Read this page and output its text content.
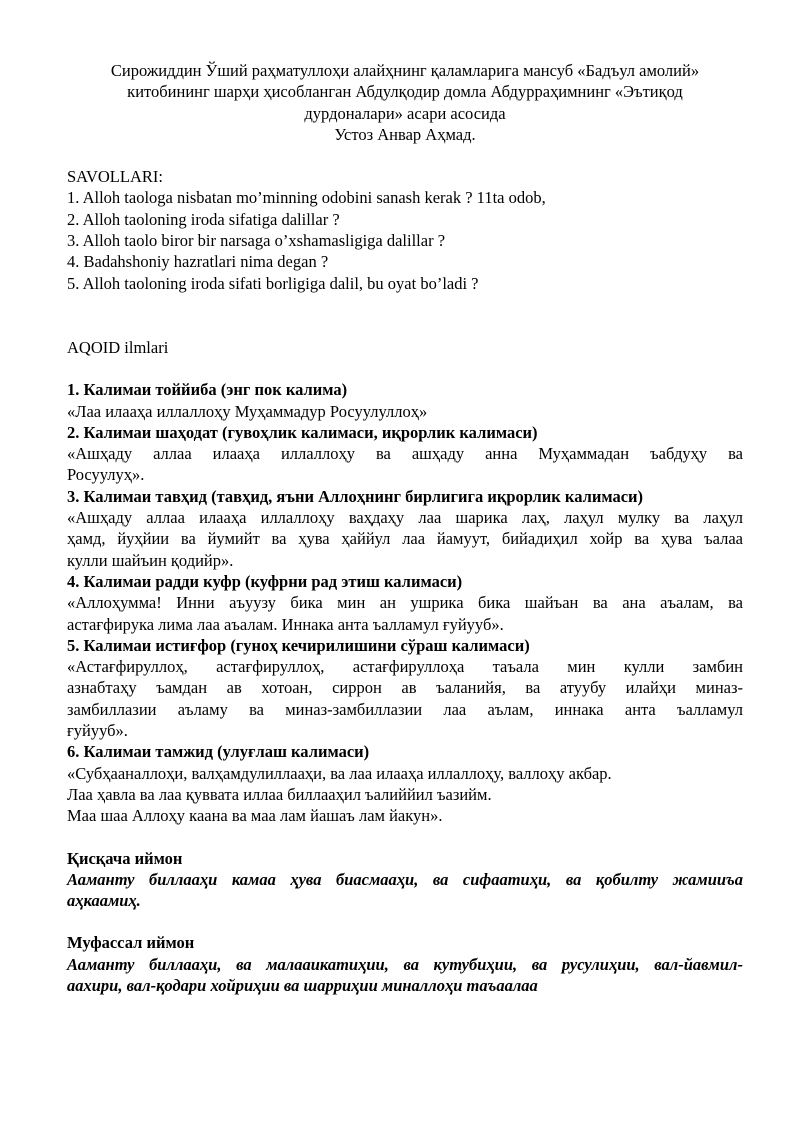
Сирожиддин Ўший раҳматуллоҳи алайҳнинг қаламларига мансуб «Бадъул амолий»
китобининг шарҳи ҳисобланган Абдулқодир домла Абдурраҳимнинг «Эътиқод
дурдоналари» асари асосида
Устоз Анвар Аҳмад.
SAVOLLARI:
1. Alloh taologa nisbatan mo’minning odobini sanash kerak ? 11ta odob,
2. Alloh taoloning iroda sifatiga dalillar ?
3. Alloh taolo biror bir narsaga o’xshamasligiga dalillar ?
4. Badahshoniy hazratlari nima degan ?
5. Alloh taoloning iroda sifati borligiga dalil, bu oyat bo’ladi ?
AQOID ilmlari
1. Калимаи тоййиба (энг пок калима)
«Лаа илааҳа иллаллоҳу Муҳаммадур Росуулуллоҳ»
2. Калимаи шаҳодат (гувоҳлик калимаси, иқрорлик калимаси)
«Ашҳаду аллаа илааҳа иллаллоҳу ва ашҳаду анна Муҳаммадан ъабдуҳу ва
Росуулуҳ».
3. Калимаи тавҳид (тавҳид, яъни Аллоҳнинг бирлигига иқрорлик калимаси)
«Ашҳаду аллаа илааҳа иллаллоҳу ваҳдаҳу лаа шарика лаҳ, лаҳул мулку ва лаҳул
ҳамд, йуҳйии ва йумийт ва ҳува ҳаййул лаа йамуут, бийадиҳил хойр ва ҳува ъалаа
кулли шайъин қодийр».
4. Калимаи радди куфр (куфрни рад этиш калимаси)
«Аллоҳумма! Инни аъуузу бика мин ан ушрика бика шайъан ва ана аъалам, ва
астағфирука лима лаа аъалам. Иннака анта ъалламул ғуйууб».
5. Калимаи истиғфор (гуноҳ кечирилишини сўраш калимаси)
«Астағфируллоҳ, астағфируллоҳ, астағфируллоҳа таъала мин кулли замбин
азнабтаҳу ъамдан ав хотоан, сиррон ав ъаланийя, ва атуубу илайҳи миназ-
замбиллазии аъламу ва миназ-замбиллазии лаа аълам, иннака анта ъалламул
ғуйууб».
6. Калимаи тамжид (улуғлаш калимаси)
«Субҳааналлоҳи, валҳамдулиллааҳи, ва лаа илааҳа иллаллоҳу, валлоҳу акбар.
Лаа ҳавла ва лаа қуввата иллаа биллааҳил ъалиййил ъазийм.
Маа шаа Аллоҳу каана ва маа лам йашаъ лам йакун».
Қисқача иймон
Ааманту биллааҳи камаа ҳува биасмааҳи, ва сифаатиҳи, ва қобилту жамииъа
аҳкаамиҳ.
Муфассал иймон
Ааманту биллааҳи, ва малаaикатиҳии, ва кутубиҳии, ва русулиҳии, вал-йавмил-
аахири, вал-қодари хойриҳии ва шарриҳии миналлоҳи таъаалаа
